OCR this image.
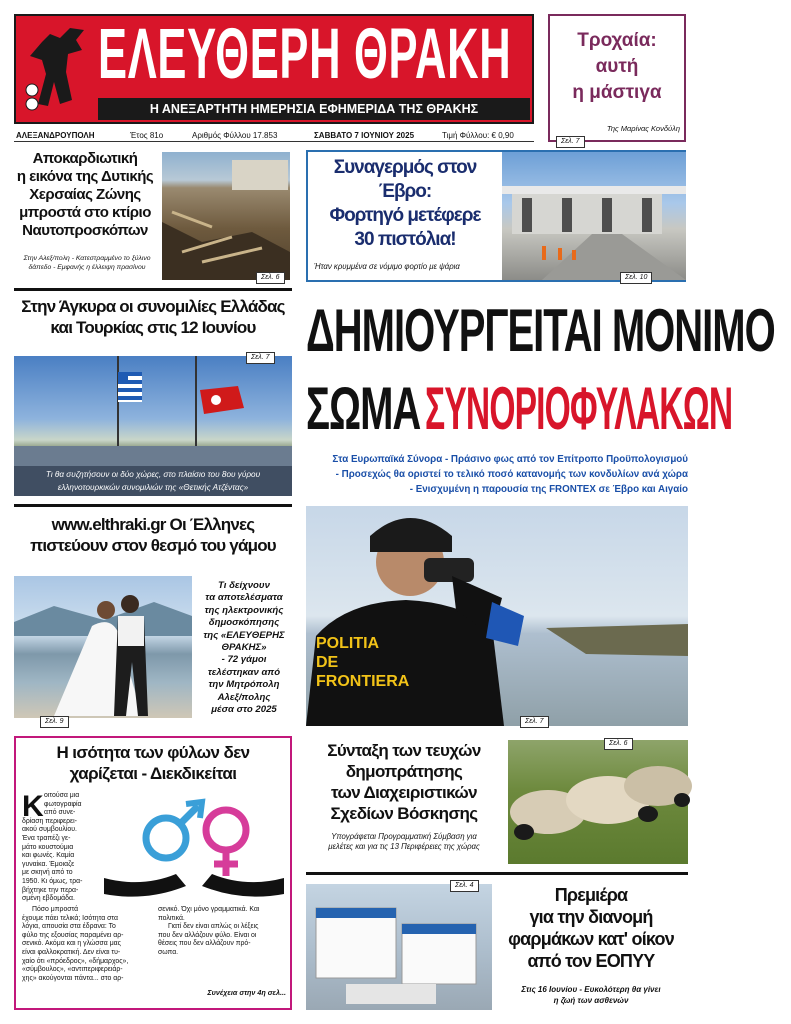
ΕΛΕΥΘΕΡΗ ΘΡΑΚΗ
Η ΑΝΕΞΑΡΤΗΤΗ ΗΜΕΡΗΣΙΑ ΕΦΗΜΕΡΙΔΑ ΤΗΣ ΘΡΑΚΗΣ
Τροχαία:
αυτή
η μάστιγα
Της Μαρίνας Κονδύλη
Σελ. 7
ΑΛΕΞΑΝΔΡΟΥΠΟΛΗ	Έτος 81ο	Αριθμός Φύλλου 17.853	ΣΑΒΒΑΤΟ 7 ΙΟΥΝΙΟΥ 2025	Τιμή Φύλλου: € 0,90
Αποκαρδιωτική
η εικόνα της Δυτικής
Χερσαίας Ζώνης
μπροστά στο κτίριο
Ναυτοπροσκόπων
Στην Αλεξ/πολη - Κατεστραμμένο το ξύλινο
δάπεδο - Εμφανής η έλλειψη πρασίνου
Σελ. 6
Συναγερμός στον Έβρο:
Φορτηγό μετέφερε
30 πιστόλια!
Ήταν κρυμμένα σε νόμιμο φορτίο με ψάρια
Σελ. 10
Στην Άγκυρα οι συνομιλίες Ελλάδας
και Τουρκίας στις 12 Ιουνίου
Τι θα συζητήσουν οι δύο χώρες, στο πλαίσιο του 8ου γύρου
ελληνοτουρκικών συνομιλιών της «Θετικής Ατζέντας»
Σελ. 7 ΔΗΜΙΟΥΡΓΕΙΤΑΙ ΜΟΝΙΜΟ
ΣΩΜΑ ΣΥΝΟΡΙΟΦΥΛΑΚΩΝ
Στα Ευρωπαϊκά Σύνορα - Πράσινο φως από τον Επίτροπο Προϋπολογισμού
- Προσεχώς θα οριστεί το τελικό ποσό κατανομής των κονδυλίων ανά χώρα
- Ενισχυμένη η παρουσία της FRONTEX σε Έβρο και Αιγαίο
POLITIA
DE
FRONTIERA
Σελ. 7
www.elthraki.gr Οι Έλληνες
πιστεύουν στον θεσμό του γάμου
Τι δείχνουν
τα αποτελέσματα
της ηλεκτρονικής
δημοσκόπησης
της «ΕΛΕΥΘΕΡΗΣ
ΘΡΑΚΗΣ»
- 72 γάμοι
τελέστηκαν από
την Μητρόπολη
Αλεξ/πολης
μέσα στο 2025
Σελ. 9
Η ισότητα των φύλων δεν
χαρίζεται - Διεκδικείται
Κ οιτούσα μια
φωτογραφία
από συνε-
δρίαση περιφερει-
ακού συμβουλίου.
Ένα τραπέζι γε-
μάτο κουστούμια
και φωνές. Καμία
γυναίκα. Έμοιαζε
με σκηνή από το
1950. Κι όμως, τρα-
βήχτηκε την περα-
σμένη εβδομάδα.
Πόσο μπροστά
έχουμε πάει τελικά; Ισότητα στα
λόγια, απουσία στα έδρανα: Το
φύλο της εξουσίας παραμένει αρ-
σενικό. Ακόμα και η γλώσσα μας
είναι φαλλοκρατική. Δεν είναι τυ-
χαίο ότι «πρόεδρος», «δήμαρχος»,
«σύμβουλος», «αντιπεριφερειάρ-
χης» ακούγονται πάντα... στο αρ-
σενικό. Όχι μόνο γραμματικά. Και
πολιτικά.
Γιατί δεν είναι απλώς οι λέξεις
που δεν αλλάζουν φύλο. Είναι οι
θέσεις που δεν αλλάζουν πρό-
σωπα.
Συνέχεια στην 4η σελ...
Σύνταξη των τευχών
δημοπράτησης
των Διαχειριστικών
Σχεδίων Βόσκησης
Υπογράφεται Προγραμματική Σύμβαση για
μελέτες και για τις 13 Περιφέρειες της χώρας
Σελ. 6
Σελ. 4	Πρεμιέρα
για την διανομή
φαρμάκων κατ' οίκον
από τον ΕΟΠΥΥ
Στις 16 Ιουνίου - Ευκολότερη θα γίνει
η ζωή των ασθενών
